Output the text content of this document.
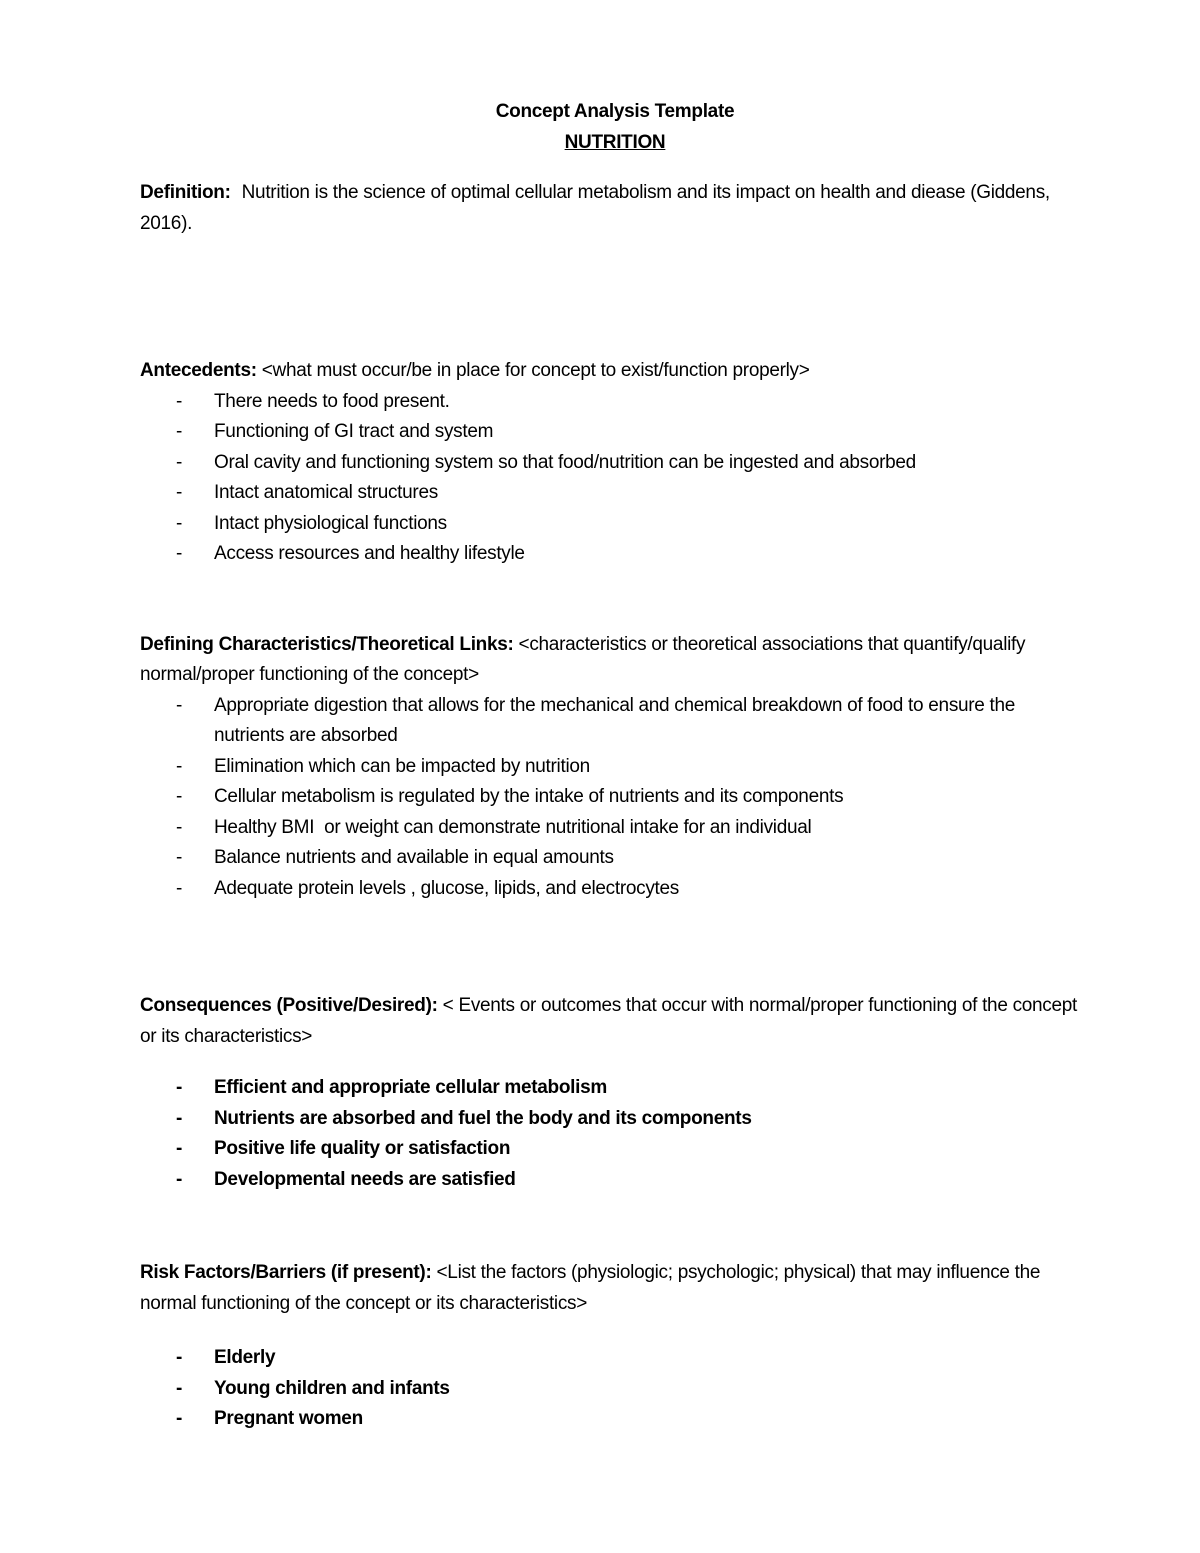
Concept Analysis Template
NUTRITION

Definition: Nutrition is the science of optimal cellular metabolism and its impact on health and diease (Giddens, 2016).

Antecedents: <what must occur/be in place for concept to exist/function properly>

-	There needs to food present.
-	Functioning of GI tract and system
-	Oral cavity and functioning system so that food/nutrition can be ingested and absorbed
-	Intact anatomical structures
-	Intact physiological functions
-	Access resources and healthy lifestyle

Defining Characteristics/Theoretical Links: <characteristics or theoretical associations that quantify/qualify normal/proper functioning of the concept>

-	Appropriate digestion that allows for the mechanical and chemical breakdown of food to ensure the nutrients are absorbed
-	Elimination which can be impacted by nutrition
-	Cellular metabolism is regulated by the intake of nutrients and its components
-	Healthy BMI  or weight can demonstrate nutritional intake for an individual
-	Balance nutrients and available in equal amounts
-	Adequate protein levels , glucose, lipids, and electrocytes

Consequences (Positive/Desired): < Events or outcomes that occur with normal/proper functioning of the concept or its characteristics>

-	Efficient and appropriate cellular metabolism
-	Nutrients are absorbed and fuel the body and its components
-	Positive life quality or satisfaction
-	Developmental needs are satisfied

Risk Factors/Barriers (if present): <List the factors (physiologic; psychologic; physical) that may influence the normal functioning of the concept or its characteristics>

-	Elderly
-	Young children and infants
-	Pregnant women
